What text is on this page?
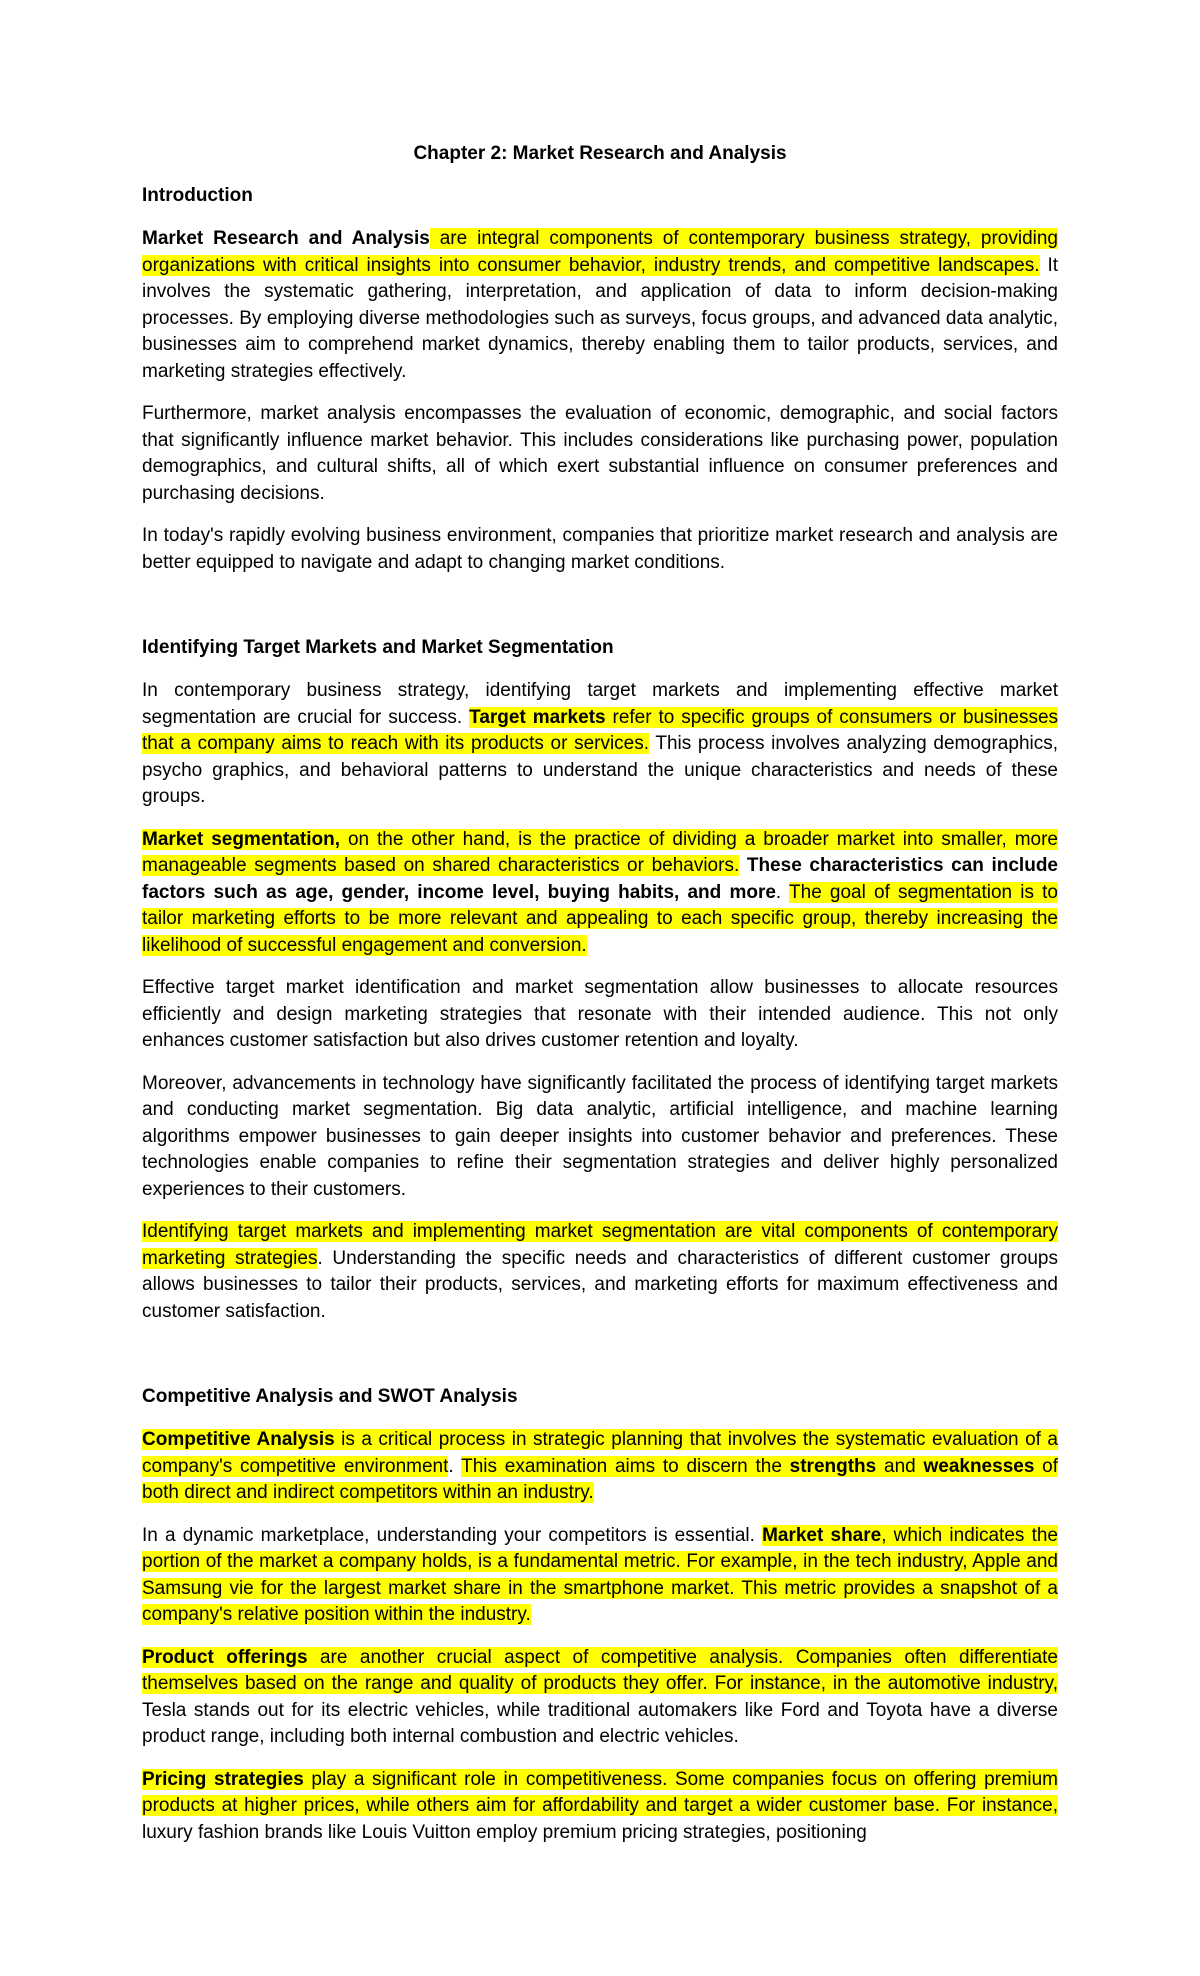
Chapter 2: Market Research and Analysis
Introduction

Market Research and Analysis are integral components of contemporary business strategy, providing organizations with critical insights into consumer behavior, industry trends, and competitive landscapes. It involves the systematic gathering, interpretation, and application of data to inform decision-making processes. By employing diverse methodologies such as surveys, focus groups, and advanced data analytic, businesses aim to comprehend market dynamics, thereby enabling them to tailor products, services, and marketing strategies effectively.

Furthermore, market analysis encompasses the evaluation of economic, demographic, and social factors that significantly influence market behavior. This includes considerations like purchasing power, population demographics, and cultural shifts, all of which exert substantial influence on consumer preferences and purchasing decisions.

In today's rapidly evolving business environment, companies that prioritize market research and analysis are better equipped to navigate and adapt to changing market conditions.

Identifying Target Markets and Market Segmentation

In contemporary business strategy, identifying target markets and implementing effective market segmentation are crucial for success. Target markets refer to specific groups of consumers or businesses that a company aims to reach with its products or services. This process involves analyzing demographics, psycho graphics, and behavioral patterns to understand the unique characteristics and needs of these groups.

Market segmentation, on the other hand, is the practice of dividing a broader market into smaller, more manageable segments based on shared characteristics or behaviors. These characteristics can include factors such as age, gender, income level, buying habits, and more. The goal of segmentation is to tailor marketing efforts to be more relevant and appealing to each specific group, thereby increasing the likelihood of successful engagement and conversion.

Effective target market identification and market segmentation allow businesses to allocate resources efficiently and design marketing strategies that resonate with their intended audience. This not only enhances customer satisfaction but also drives customer retention and loyalty.

Moreover, advancements in technology have significantly facilitated the process of identifying target markets and conducting market segmentation. Big data analytic, artificial intelligence, and machine learning algorithms empower businesses to gain deeper insights into customer behavior and preferences. These technologies enable companies to refine their segmentation strategies and deliver highly personalized experiences to their customers.

Identifying target markets and implementing market segmentation are vital components of contemporary marketing strategies. Understanding the specific needs and characteristics of different customer groups allows businesses to tailor their products, services, and marketing efforts for maximum effectiveness and customer satisfaction.

Competitive Analysis and SWOT Analysis

Competitive Analysis is a critical process in strategic planning that involves the systematic evaluation of a company's competitive environment. This examination aims to discern the strengths and weaknesses of both direct and indirect competitors within an industry.

In a dynamic marketplace, understanding your competitors is essential. Market share, which indicates the portion of the market a company holds, is a fundamental metric. For example, in the tech industry, Apple and Samsung vie for the largest market share in the smartphone market. This metric provides a snapshot of a company's relative position within the industry.

Product offerings are another crucial aspect of competitive analysis. Companies often differentiate themselves based on the range and quality of products they offer. For instance, in the automotive industry, Tesla stands out for its electric vehicles, while traditional automakers like Ford and Toyota have a diverse product range, including both internal combustion and electric vehicles.

Pricing strategies play a significant role in competitiveness. Some companies focus on offering premium products at higher prices, while others aim for affordability and target a wider customer base. For instance, luxury fashion brands like Louis Vuitton employ premium pricing strategies, positioning
